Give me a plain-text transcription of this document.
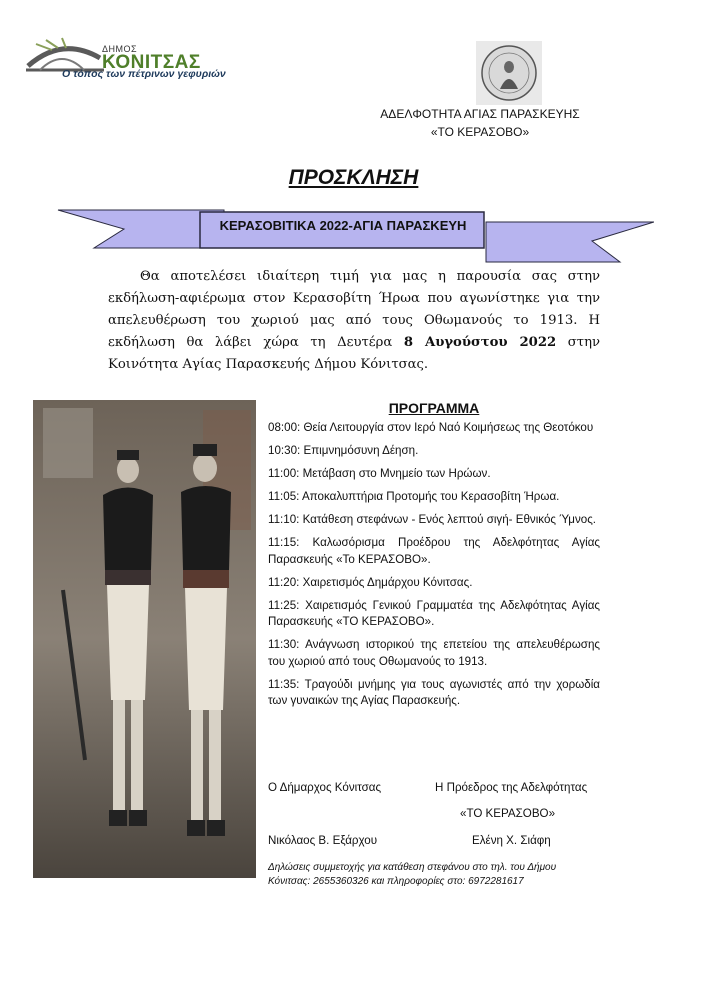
ΔΗΜΟΣ
ΚΟΝΙΤΣΑΣ
Ο τόπος των πέτρινων γεφυριών
ΑΔΕΛΦΟΤΗΤΑ ΑΓΙΑΣ ΠΑΡΑΣΚΕΥΗΣ
«ΤΟ ΚΕΡΑΣΟΒΟ»
ΠΡΟΣΚΛΗΣΗ
ΚΕΡΑΣΟΒΙΤΙΚΑ 2022-ΑΓΙΑ ΠΑΡΑΣΚΕΥΗ
Θα αποτελέσει ιδιαίτερη τιμή για μας η παρουσία σας στην εκδήλωση-αφιέρωμα στον Κερασοβίτη Ήρωα που αγωνίστηκε για την απελευθέρωση του χωριού μας από τους Οθωμανούς το 1913. Η εκδήλωση θα λάβει χώρα τη Δευτέρα 8 Αυγούστου 2022 στην Κοινότητα Αγίας Παρασκευής Δήμου Κόνιτσας.
ΠΡΟΓΡΑΜΜΑ
08:00: Θεία Λειτουργία στον Ιερό Ναό Κοιμήσεως της Θεοτόκου
10:30: Επιμνημόσυνη Δέηση.
11:00: Μετάβαση στο Μνημείο των Ηρώων.
11:05: Αποκαλυπτήρια Προτομής του Κερασοβίτη Ήρωα.
11:10: Κατάθεση στεφάνων - Ενός λεπτού σιγή- Εθνικός Ύμνος.
11:15: Καλωσόρισμα Προέδρου της Αδελφότητας Αγίας Παρασκευής «Το ΚΕΡΑΣΟΒΟ».
11:20: Χαιρετισμός Δημάρχου Κόνιτσας.
11:25: Χαιρετισμός Γενικού Γραμματέα της Αδελφότητας Αγίας Παρασκευής «ΤΟ ΚΕΡΑΣΟΒΟ».
11:30: Ανάγνωση ιστορικού της επετείου της απελευθέρωσης του χωριού από τους Οθωμανούς το 1913.
11:35: Τραγούδι μνήμης για τους αγωνιστές από την χορωδία των γυναικών της Αγίας Παρασκευής.
Ο Δήμαρχος Κόνιτσας	Η Πρόεδρος της Αδελφότητας
«ΤΟ ΚΕΡΑΣΟΒΟ»
Νικόλαος Β. Εξάρχου	Ελένη Χ. Σιάφη
Δηλώσεις συμμετοχής για κατάθεση στεφάνου στο τηλ. του Δήμου Κόνιτσας: 2655360326 και πληροφορίες στο: 6972281617
